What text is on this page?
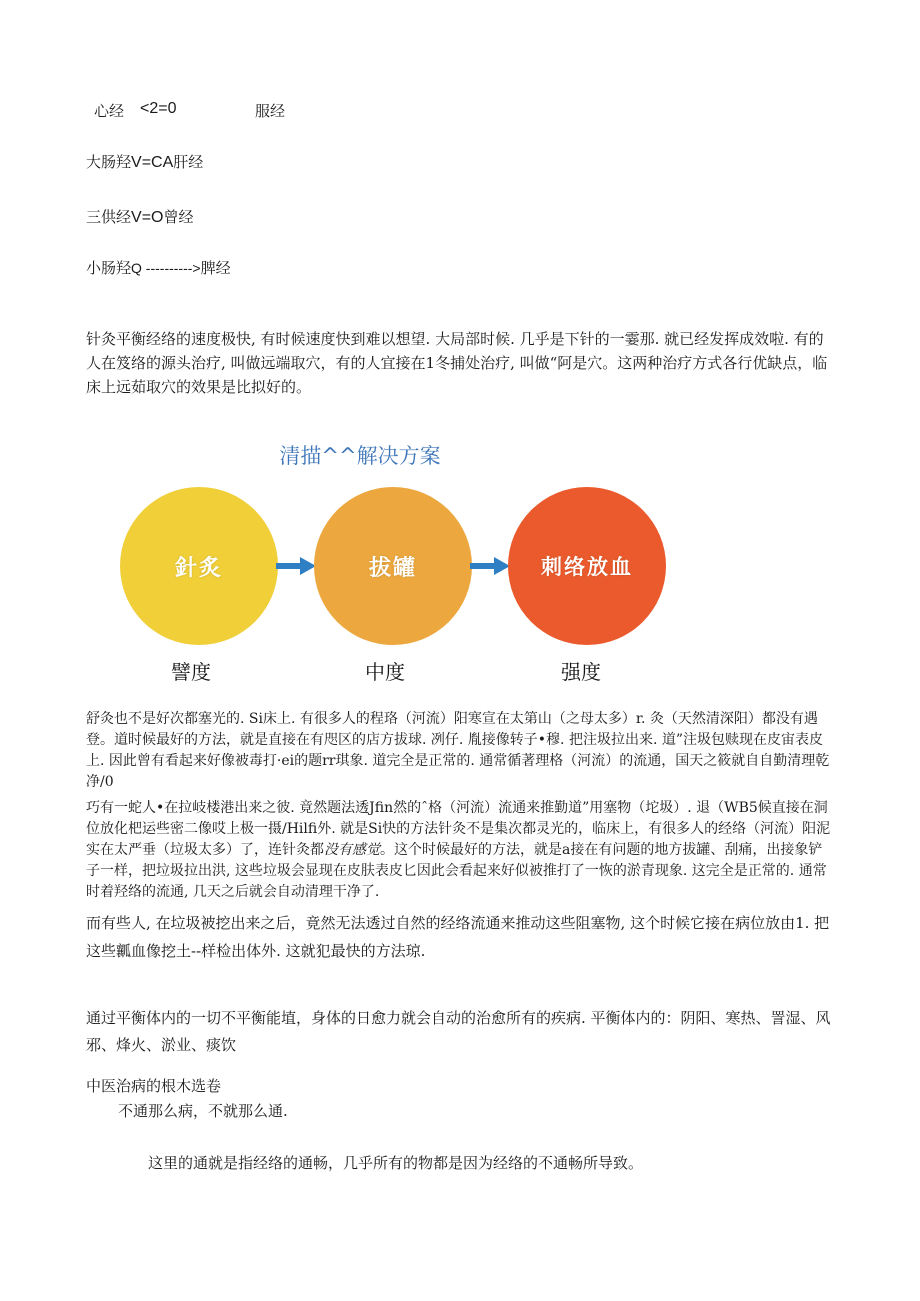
心经 <2=0	服经
大肠羟V=CA肝经
三供经V=O曾经
小肠羟Q ---------->脾经
针灸平衡经络的速度极快, 有时候速度快到难以想望. 大局部时候. 几乎是下针的一霎那. 就已经发挥成效啦. 有的人在笈络的源头治疗, 叫做远端取穴，有的人宜接在1冬捕处治疗, 叫做“阿是穴。这两种治疗方式各行优缺点，临床上远茹取穴的效果是比拟好的。
清描^^解决方案
針炙	拔罐	刺络放血
譬度	中度	强度
舒灸也不是好次都塞光的. Si床上. 有很多人的程珞（河流）阳寒宣在太第山（之母太多）r. 灸（天然清深阳）都没有遇登。道时候最好的方法，就是直接在有咫区的店方拔球. 冽仔. 胤接像转子•穆. 把注圾拉出来. 道”注圾包赎现在皮宙表皮上. 因此曾有看起来好像被毒打·ei的题rr琪象. 道完全是正常的. 通常循著理格（河流）的流通，国天之筱就自自勤清理乾净/0
巧有一蛇人•在拉岐楼港出来之彼. 竟然题法透Jfin然的ˆ格（河流）流通来推勤道”用塞物（坨圾）. 退（WB5候直接在洞位放化杷运些密二像哎上极一摄/Hilfi外. 就是Si快的方法针灸不是集次都灵光的，临床上，有很多人的经络（河流）阳泥实在太严垂（垃圾太多）了，连针灸都没有感觉。这个时候最好的方法，就是a接在有问题的地方拔罐、刮痛，出接象铲子一样，把垃圾拉出洪, 这些垃圾会显现在皮肤表皮匕因此会看起来好似被推打了一恢的淤青现象. 这完全是正常的. 通常时着羟络的流通, 几天之后就会自动清理干净了.
而有些人, 在垃圾被挖出来之后，竟然无法透过自然的经络流通来推动这些阻塞物, 这个时候它接在病位放由1. 把这些瓤血像挖土--样检出体外. 这就犯最快的方法琼.
通过平衡体内的一切不平衡能埴，身体的日愈力就会自动的治愈所有的疾病. 平衡体内的：阴阳、寒热、詈湿、风邪、烽火、淤业、痰饮
中医治病的根木选卷
不通那么病，不就那么通.
这里的通就是指经络的通畅，几乎所有的物都是因为经络的不通畅所导致。
